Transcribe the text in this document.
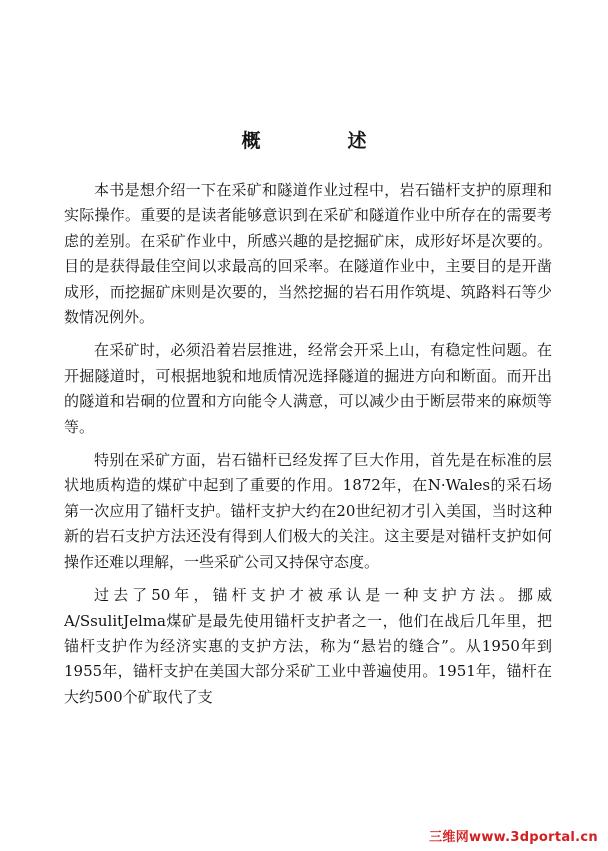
概　述

本书是想介绍一下在采矿和隧道作业过程中，岩石锚杆支护的原理和实际操作。重要的是读者能够意识到在采矿和隧道作业中所存在的需要考虑的差别。在采矿作业中，所感兴趣的是挖掘矿床，成形好坏是次要的。目的是获得最佳空间以求最高的回采率。在隧道作业中，主要目的是开凿成形，而挖掘矿床则是次要的，当然挖掘的岩石用作筑堤、筑路料石等少数情况例外。

在采矿时，必须沿着岩层推进，经常会开采上山，有稳定性问题。在开掘隧道时，可根据地貌和地质情况选择隧道的掘进方向和断面。而开出的隧道和岩硐的位置和方向能令人满意，可以减少由于断层带来的麻烦等等。

特别在采矿方面，岩石锚杆已经发挥了巨大作用，首先是在标准的层状地质构造的煤矿中起到了重要的作用。1872年，在N·Wales的采石场第一次应用了锚杆支护。锚杆支护大约在20世纪初才引入美国，当时这种新的岩石支护方法还没有得到人们极大的关注。这主要是对锚杆支护如何操作还难以理解，一些采矿公司又持保守态度。

过去了50年，锚杆支护才被承认是一种支护方法。挪威A/SsulitJelma煤矿是最先使用锚杆支护者之一，他们在战后几年里，把锚杆支护作为经济实惠的支护方法，称为“悬岩的缝合”。从1950年到1955年，锚杆支护在美国大部分采矿工业中普遍使用。1951年，锚杆在大约500个矿取代了支

三维网www.3dportal.cn
